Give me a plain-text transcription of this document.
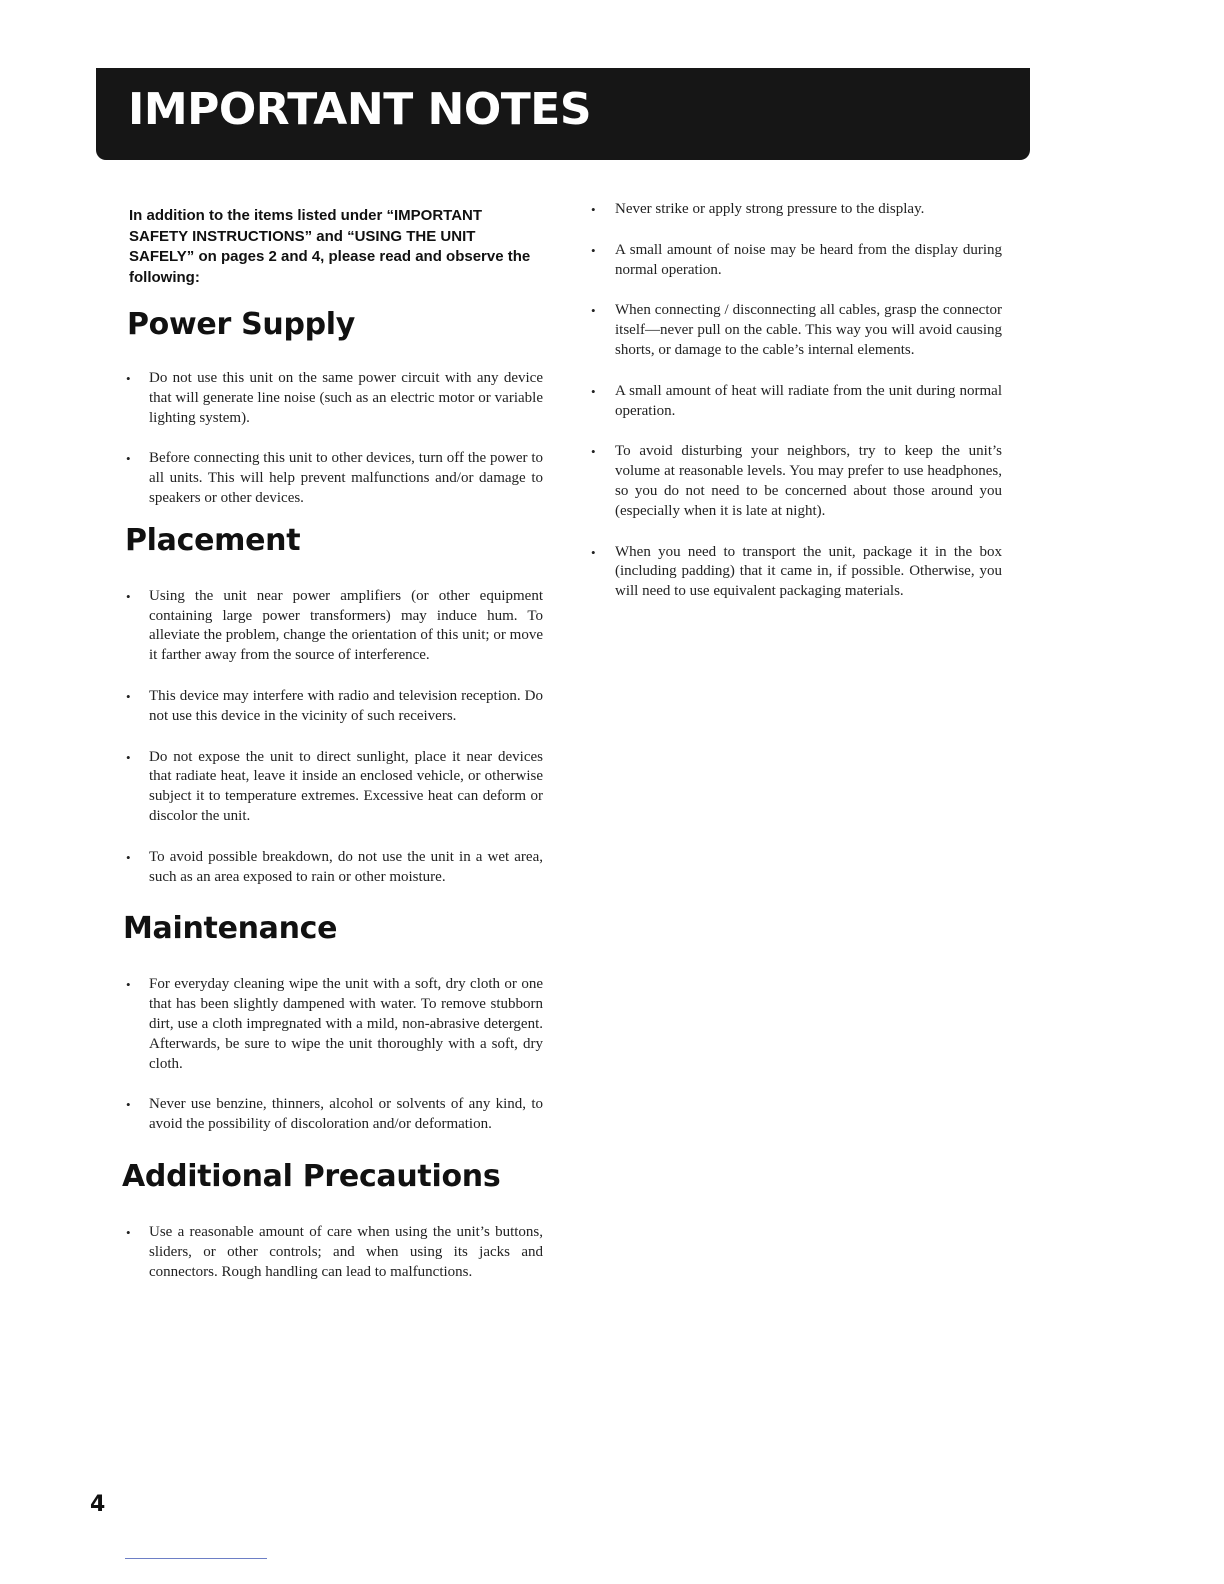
IMPORTANT NOTES

In addition to the items listed under “IMPORTANT SAFETY INSTRUCTIONS” and “USING THE UNIT SAFELY” on pages 2 and 4, please read and observe the following:

Power Supply
• Do not use this unit on the same power circuit with any device that will generate line noise (such as an electric motor or variable lighting system).
• Before connecting this unit to other devices, turn off the power to all units. This will help prevent malfunctions and/or damage to speakers or other devices.
Placement
• Using the unit near power amplifiers (or other equipment containing large power transformers) may induce hum. To alleviate the problem, change the orientation of this unit; or move it farther away from the source of interference.
• This device may interfere with radio and television reception. Do not use this device in the vicinity of such receivers.
• Do not expose the unit to direct sunlight, place it near devices that radiate heat, leave it inside an enclosed vehicle, or otherwise subject it to temperature extremes. Excessive heat can deform or discolor the unit.
• To avoid possible breakdown, do not use the unit in a wet area, such as an area exposed to rain or other moisture.
Maintenance
• For everyday cleaning wipe the unit with a soft, dry cloth or one that has been slightly dampened with water. To remove stubborn dirt, use a cloth impregnated with a mild, non-abrasive detergent. Afterwards, be sure to wipe the unit thoroughly with a soft, dry cloth.
• Never use benzine, thinners, alcohol or solvents of any kind, to avoid the possibility of discoloration and/or deformation.
Additional Precautions
• Use a reasonable amount of care when using the unit’s buttons, sliders, or other controls; and when using its jacks and connectors. Rough handling can lead to malfunctions.
• Never strike or apply strong pressure to the display.
• A small amount of noise may be heard from the display during normal operation.
• When connecting / disconnecting all cables, grasp the connector itself—never pull on the cable. This way you will avoid causing shorts, or damage to the cable’s internal elements.
• A small amount of heat will radiate from the unit during normal operation.
• To avoid disturbing your neighbors, try to keep the unit’s volume at reasonable levels. You may prefer to use headphones, so you do not need to be concerned about those around you (especially when it is late at night).
• When you need to transport the unit, package it in the box (including padding) that it came in, if possible. Otherwise, you will need to use equivalent packaging materials.

4
